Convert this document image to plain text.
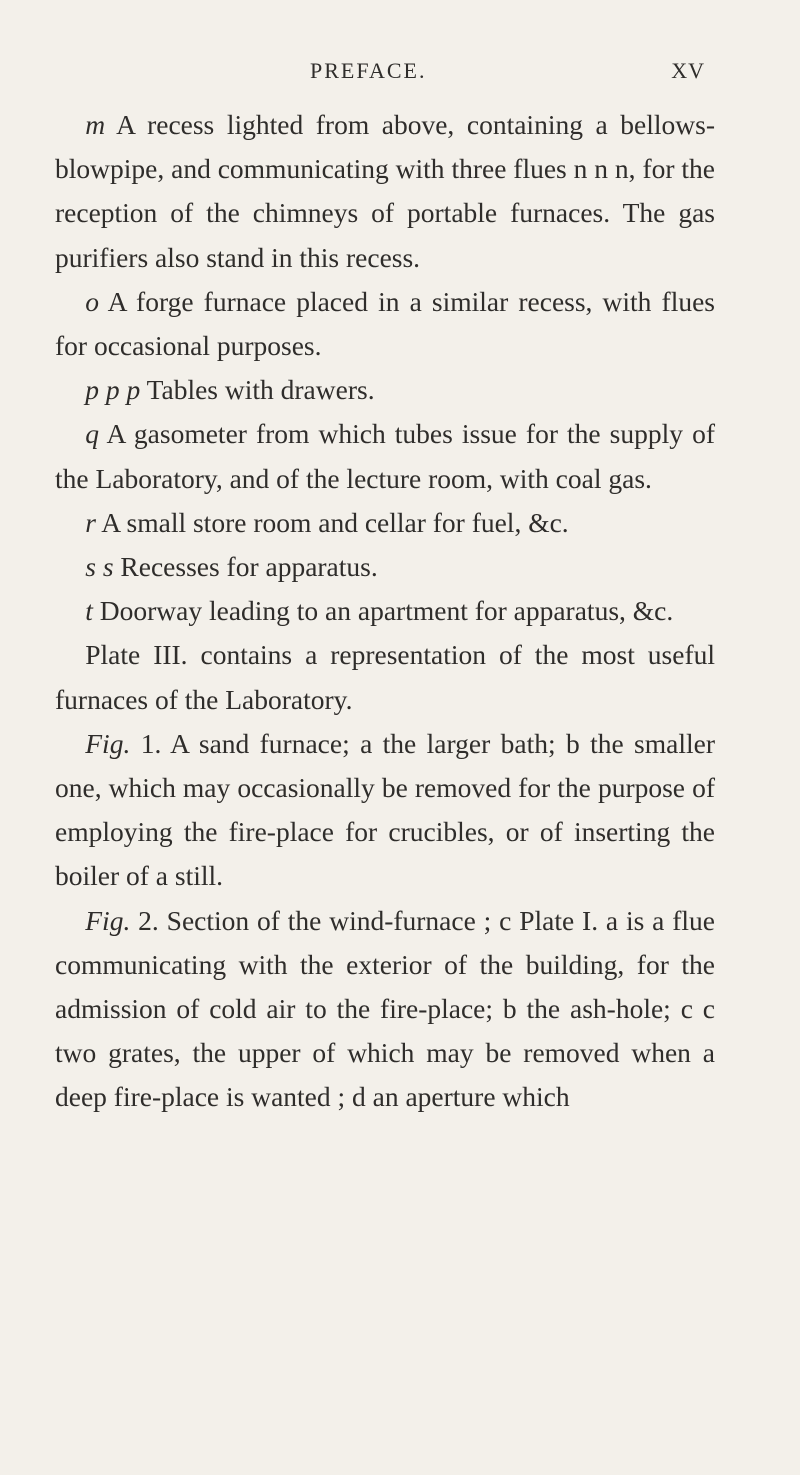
PREFACE.	XV

m A recess lighted from above, containing a bellows-blowpipe, and communicating with three flues n n n, for the reception of the chimneys of portable furnaces. The gas purifiers also stand in this recess.

o A forge furnace placed in a similar recess, with flues for occasional purposes.

p p p Tables with drawers.

q A gasometer from which tubes issue for the supply of the Laboratory, and of the lecture room, with coal gas.

r A small store room and cellar for fuel, &c.

s s Recesses for apparatus.

t Doorway leading to an apartment for apparatus, &c.

Plate III. contains a representation of the most useful furnaces of the Laboratory.

Fig. 1. A sand furnace; a the larger bath; b the smaller one, which may occasionally be removed for the purpose of employing the fire-place for crucibles, or of inserting the boiler of a still.

Fig. 2. Section of the wind-furnace ; c Plate I. a is a flue communicating with the exterior of the building, for the admission of cold air to the fire-place; b the ash-hole; c c two grates, the upper of which may be removed when a deep fire-place is wanted ; d an aperture which
